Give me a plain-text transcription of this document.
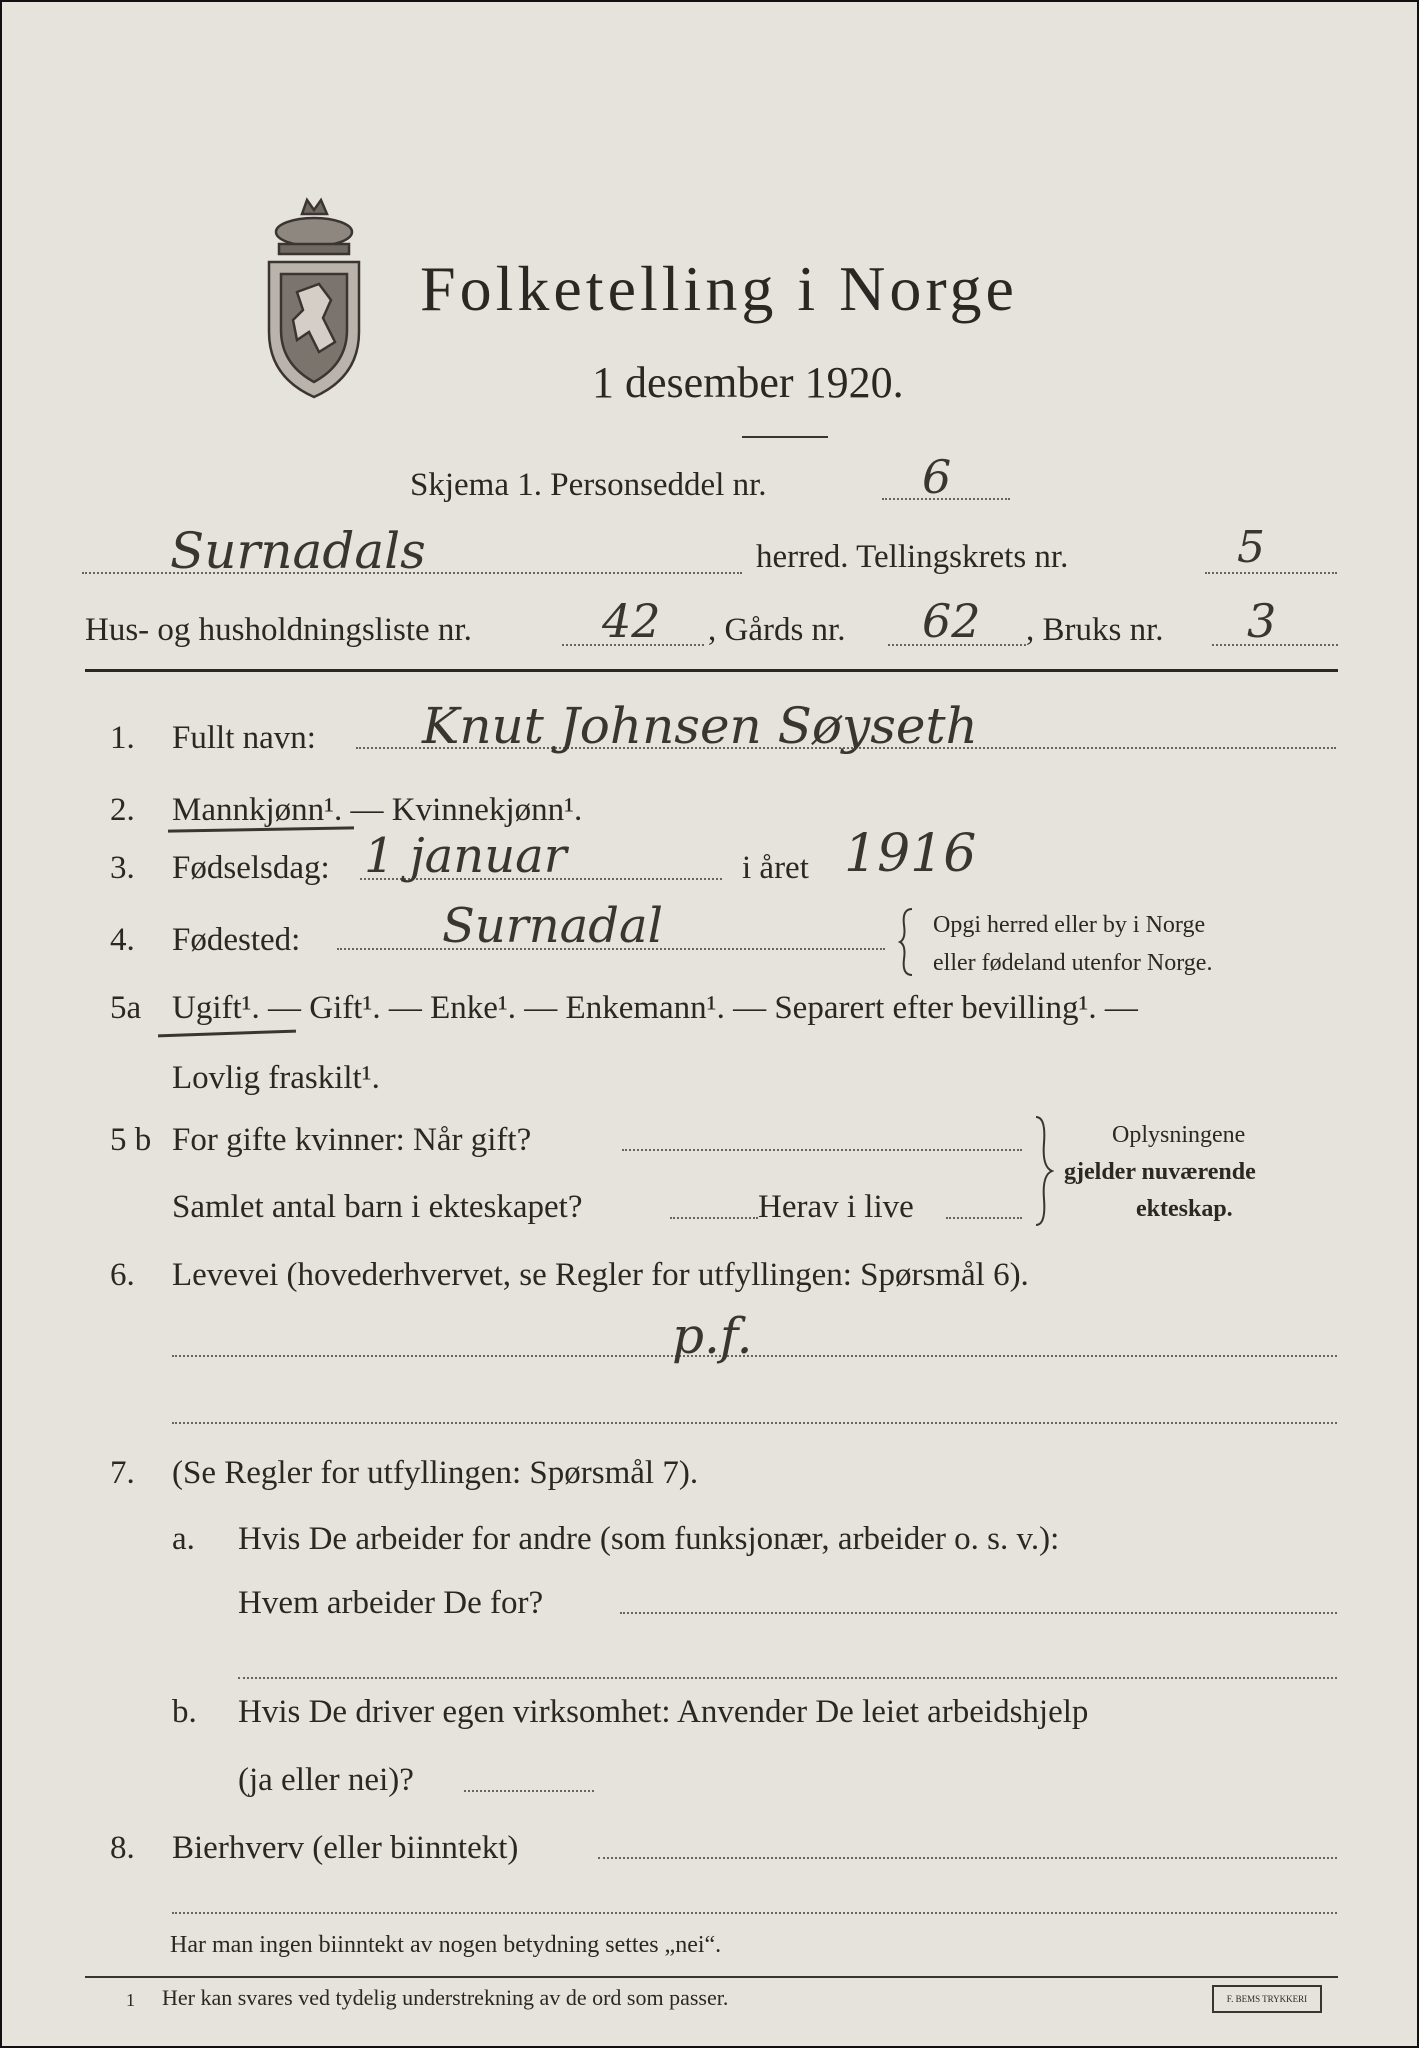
Folketelling i Norge
1 desember 1920.
Skjema 1. Personseddel nr.	6
Surnadals	herred. Tellingskrets nr.	5
Hus- og husholdningsliste nr.	42 , Gårds nr. 62 , Bruks nr. 3
1. Fullt navn: Knut Johnsen Søyseth
2. Mannkjønn¹. — Kvinnekjønn¹.
3. Fødselsdag: 1 januar	i året 1916
4. Fødested:	Surnadal	Opgi herred eller by i Norge
eller fødeland utenfor Norge.
5a Ugift¹. — Gift¹. — Enke¹. — Enkemann¹. — Separert efter bevilling¹. —
Lovlig fraskilt¹.
5 b For gifte kvinner: Når gift?
Samlet antal barn i ekteskapet?	Herav i live
Oplysningene
gjelder nuværende
ekteskap.
6. Levevei (hovederhvervet, se Regler for utfyllingen: Spørsmål 6).
p.f.
7. (Se Regler for utfyllingen: Spørsmål 7).
a. Hvis De arbeider for andre (som funksjonær, arbeider o. s. v.):
Hvem arbeider De for?
b. Hvis De driver egen virksomhet: Anvender De leiet arbeidshjelp
(ja eller nei)?
8. Bierhverv (eller biinntekt)
Har man ingen biinntekt av nogen betydning settes „nei“.
1 Her kan svares ved tydelig understrekning av de ord som passer.	F. BEMS TRYKKERI
